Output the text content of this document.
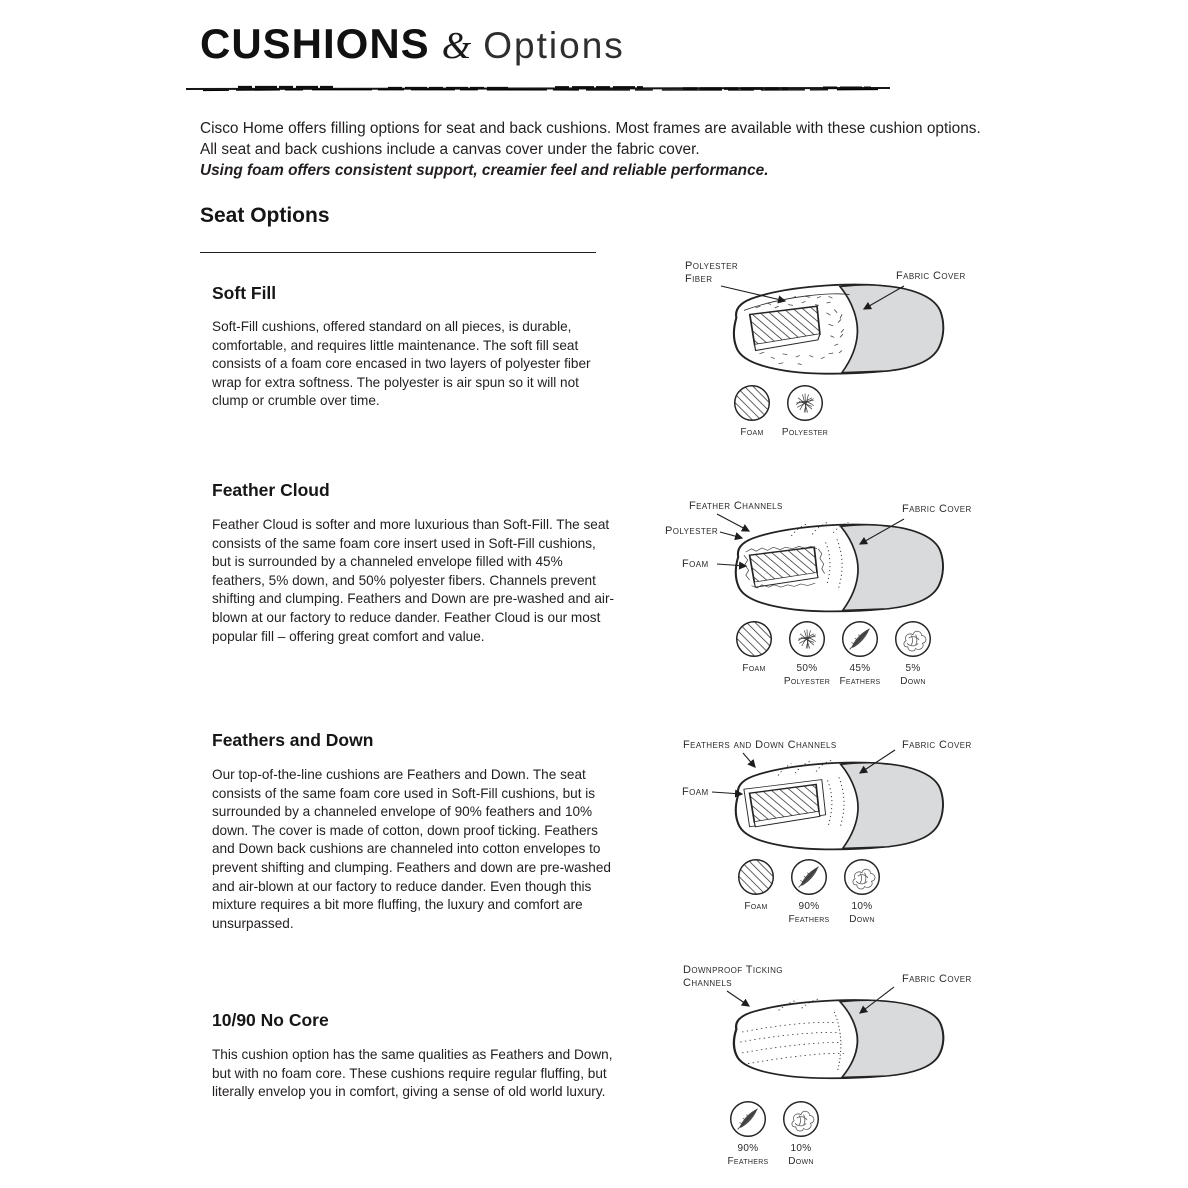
CUSHIONS & Options
Cisco Home offers filling options for seat and back cushions. Most frames are available with these cushion options. All seat and back cushions include a canvas cover under the fabric cover.
Using foam offers consistent support, creamier feel and reliable performance.
Seat Options
Soft Fill
Soft-Fill cushions, offered standard on all pieces, is durable, comfortable, and requires little maintenance. The soft fill seat consists of a foam core encased in two layers of polyester fiber wrap for extra softness. The polyester is air spun so it will not clump or crumble over time.
Feather Cloud
Feather Cloud is softer and more luxurious than Soft-Fill. The seat consists of the same foam core insert used in Soft-Fill cushions, but is surrounded by a channeled envelope filled with 45% feathers, 5% down, and 50% polyester fibers. Channels prevent shifting and clumping. Feathers and Down are pre-washed and air-blown at our factory to reduce dander. Feather Cloud is our most popular fill – offering great comfort and value.
Feathers and Down
Our top-of-the-line cushions are Feathers and Down. The seat consists of the same foam core used in Soft-Fill cushions, but is surrounded by a channeled envelope of 90% feathers and 10% down. The cover is made of cotton, down proof ticking. Feathers and Down back cushions are channeled into cotton envelopes to prevent shifting and clumping. Feathers and down are pre-washed and air-blown at our factory to reduce dander. Even though this mixture requires a bit more fluffing, the luxury and comfort are unsurpassed.
10/90 No Core
This cushion option has the same qualities as Feathers and Down, but with no foam core. These cushions require regular fluffing, but literally envelop you in comfort, giving a sense of old world luxury.
Polyester Fiber	Fabric Cover
Foam Polyester
Feather Channels	Fabric Cover
Polyester
Foam
Foam	50%
Polyester
45%
Feathers
5%
Down
Feathers and Down Channels	Fabric Cover
Foam
Foam	90%
Feathers
10%
Down
Downproof Ticking Channels	Fabric Cover
90%
Feathers
10%
Down
